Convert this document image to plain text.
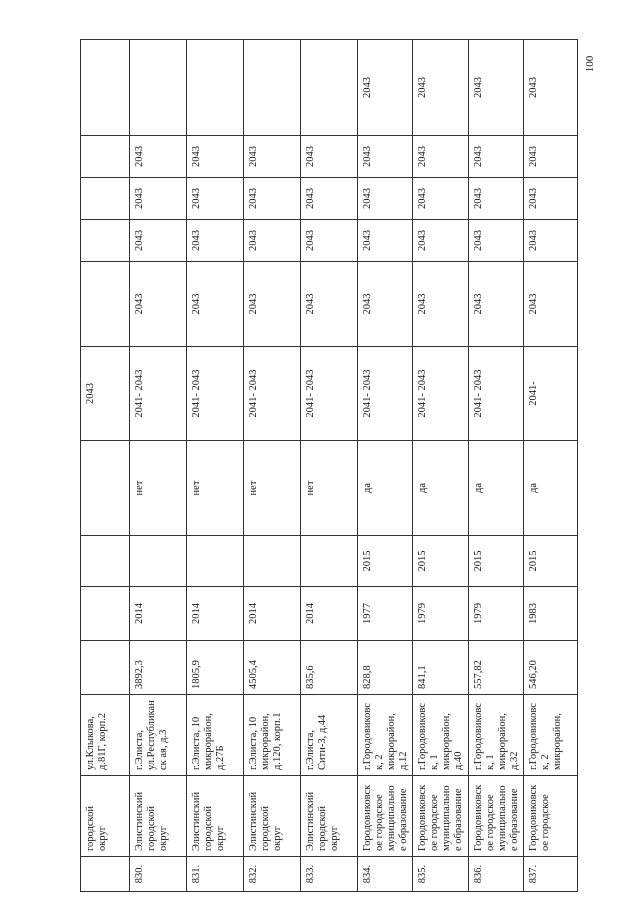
100
	городской округ	ул.Клыкова, д.81Г, корп.2					2043					
830.	Элистинский городской округ	г.Элиста, ул.Республиканск ая, д.3	3892,3	2014		нет	2041- 2043	2043	2043	2043	2043	
831.	Элистинский городской округ	г.Элиста, 10 микрорайон, д.27Б	1805,9	2014		нет	2041- 2043	2043	2043	2043	2043	
832.	Элистинский городской округ	г.Элиста, 10 микрорайон, д.120, корп.1	4505,4	2014		нет	2041- 2043	2043	2043	2043	2043	
833.	Элистинский городской округ	г.Элиста, Сити-3, д.44	835,6	2014		нет	2041- 2043	2043	2043	2043	2043	
834.	Городовиковское городское муниципальное образование	г.Городовиковск, 2 микрорайон, д.12	828,8	1977	2015	да	2041- 2043	2043	2043	2043	2043	2043
835.	Городовиковское городское муниципальное образование	г.Городовиковск, 1 микрорайон, д.40	841,1	1979	2015	да	2041- 2043	2043	2043	2043	2043	2043
836.	Городовиковское городское муниципальное образование	г.Городовиковск, 1 микрорайон, д.32	557,82	1979	2015	да	2041- 2043	2043	2043	2043	2043	2043
837.	Городовиковское городское	г.Городовиковск, 2 микрорайон,	546,20	1983	2015	да	2041-	2043	2043	2043	2043	2043
